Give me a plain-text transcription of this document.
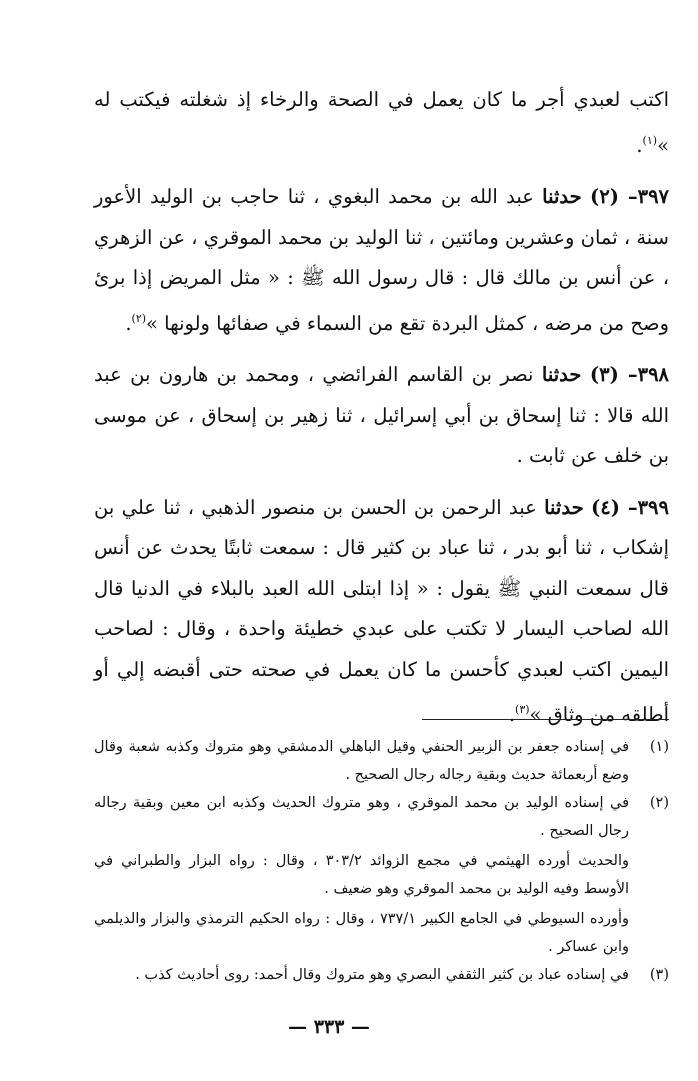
اكتب لعبدي أجر ما كان يعمل في الصحة والرخاء إذ شغلته فيكتب له »$^{(١)}$.

٣٩٧– (٢) حدثنا عبد الله بن محمد البغوي ، ثنا حاجب بن الوليد الأعور سنة ، ثمان وعشرين ومائتين ، ثنا الوليد بن محمد الموقري ، عن الزهري ، عن أنس بن مالك قال : قال رسول الله ﷺ : « مثل المريض إذا برئ وصح من مرضه ، كمثل البردة تقع من السماء في صفائها ولونها »$^{(٢)}$.

٣٩٨– (٣) حدثنا نصر بن القاسم الفرائضي ، ومحمد بن هارون بن عبد الله قالا : ثنا إسحاق بن أبي إسرائيل ، ثنا زهير بن إسحاق ، عن موسى بن خلف عن ثابت .

٣٩٩– (٤) حدثنا عبد الرحمن بن الحسن بن منصور الذهبي ، ثنا علي بن إشكاب ، ثنا أبو بدر ، ثنا عباد بن كثير قال : سمعت ثابتًا يحدث عن أنس قال سمعت النبي ﷺ يقول : « إذا ابتلى الله العبد بالبلاء في الدنيا قال الله لصاحب اليسار لا تكتب على عبدي خطيئة واحدة ، وقال : لصاحب اليمين اكتب لعبدي كأحسن ما كان يعمل في صحته حتى أقبضه إلي أو أطلقه من وثاق »$^{(٣)}$.

(١)

في إسناده جعفر بن الزبير الحنفي وقيل الباهلي الدمشقي وهو متروك وكذبه شعبة وقال وضع أربعمائة حديث وبقية رجاله رجال الصحيح .

(٢)

في إسناده الوليد بن محمد الموقري ، وهو متروك الحديث وكذبه ابن معين وبقية رجاله رجال الصحيح .

والحديث أورده الهيثمي في مجمع الزوائد ٣٠٣/٢ ، وقال : رواه البزار والطبراني في الأوسط وفيه الوليد بن محمد الموقري وهو ضعيف .

وأورده السيوطي في الجامع الكبير ٧٣٧/١ ، وقال : رواه الحكيم الترمذي والبزار والديلمي وابن عساكر .

(٣)

في إسناده عباد بن كثير الثقفي البصري وهو متروك وقال أحمد: روى أحاديث كذب .

— ٣٣٣ —
